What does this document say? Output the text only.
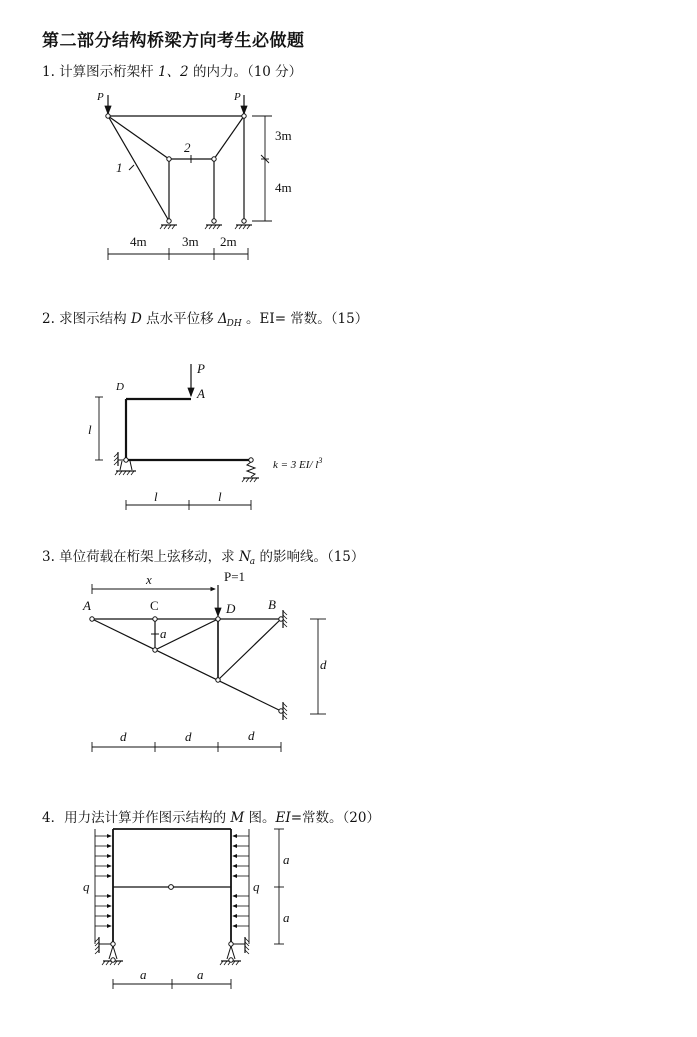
第二部分结构桥梁方向考生必做题
1. 计算图示桁架杆 1、2 的内力。（10 分）
2. 求图示结构 D 点水平位移 $\Delta_{DH}$ 。EI= 常数。（15）
3. 单位荷载在桁架上弦移动，求 $N_a$ 的影响线。（15）
4．用力法计算并作图示结构的 M 图。EI=常数。（20）
P	P
1
2
3m
4m
4m	3m 2m
P
D	A
l
k = 3 EI/ $l^3$
l	l
x	P=1
A	C	D	B
a
d
d	d	d
q	q
a
a
a	a
